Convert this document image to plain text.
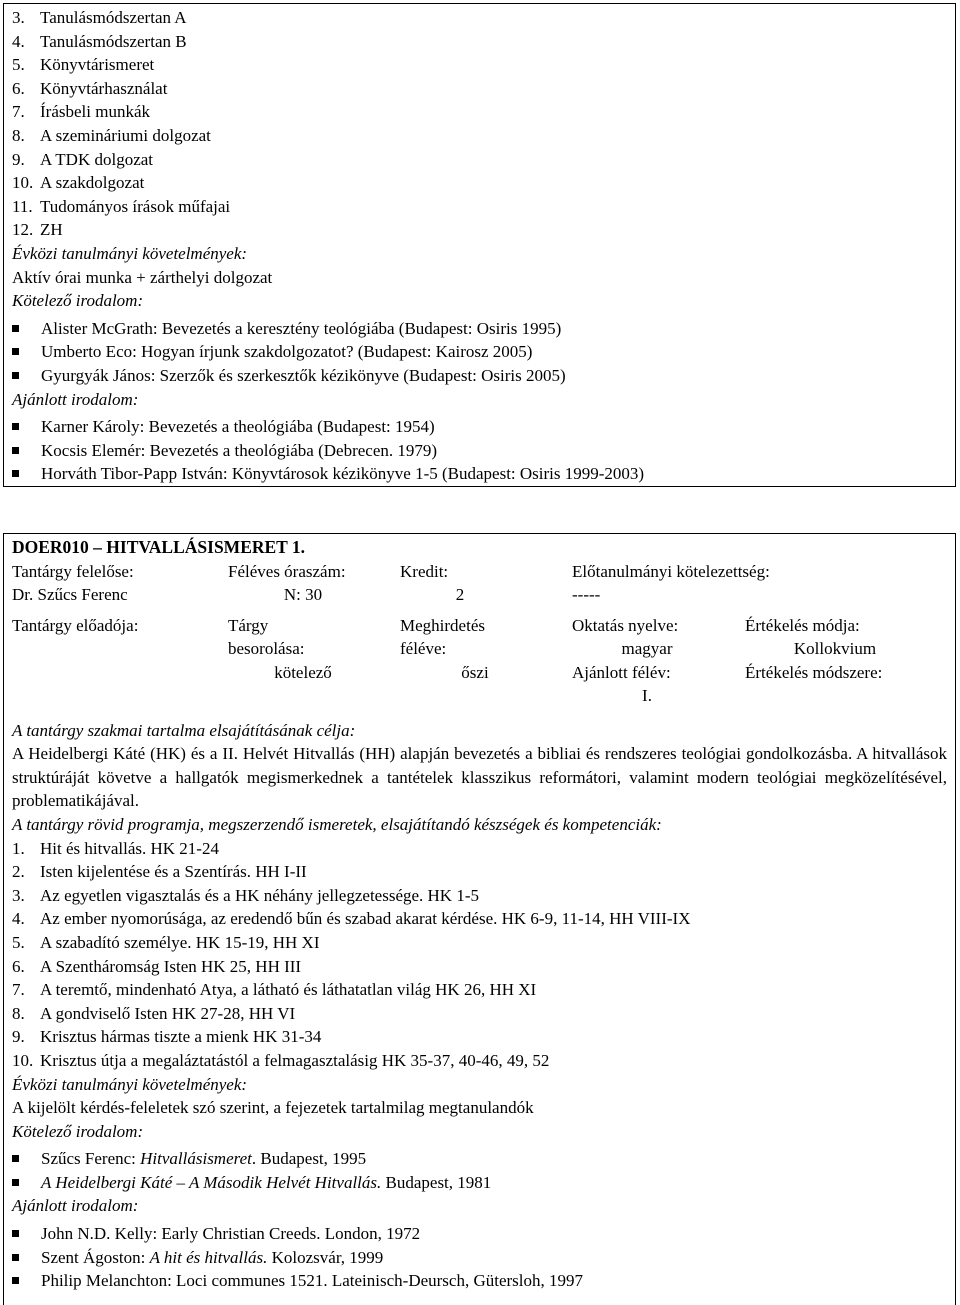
3. Tanulásmódszertan A
4. Tanulásmódszertan B
5. Könyvtárismeret
6. Könyvtárhasználat
7. Írásbeli munkák
8. A szemináriumi dolgozat
9. A TDK dolgozat
10. A szakdolgozat
11. Tudományos írások műfajai
12. ZH
Évközi tanulmányi követelmények:
Aktív órai munka + zárthelyi dolgozat
Kötelező irodalom:
Alister McGrath: Bevezetés a keresztény teológiába (Budapest: Osiris 1995)
Umberto Eco: Hogyan írjunk szakdolgozatot? (Budapest: Kairosz 2005)
Gyurgyák János: Szerzők és szerkesztők kézikönyve (Budapest: Osiris 2005)
Ajánlott irodalom:
Karner Károly: Bevezetés a theológiába (Budapest: 1954)
Kocsis Elemér: Bevezetés a theológiába (Debrecen. 1979)
Horváth Tibor-Papp István: Könyvtárosok kézikönyve 1-5 (Budapest: Osiris 1999-2003)
DOER010 – HITVALLÁSISMERET 1.
Tantárgy felelőse:
Dr. Szűcs Ferenc
Féléves óraszám:
N: 30
Kredit:
2
Előtanulmányi kötelezettség:
-----
Tantárgy előadója:	Tárgy
besorolása:
kötelező
Meghirdetés
féléve:
őszi
Oktatás nyelve:
magyar
Ajánlott félév:
I.
Értékelés módja:
Kollokvium
Értékelés módszere:
A tantárgy szakmai tartalma elsajátításának célja:
A Heidelbergi Káté (HK) és a II. Helvét Hitvallás (HH) alapján bevezetés a bibliai és rendszeres teológiai gondolkozásba. A hitvallások struktúráját követve a hallgatók megismerkednek a tantételek klasszikus reformátori, valamint modern teológiai megközelítésével, problematikájával.
A tantárgy rövid programja, megszerzendő ismeretek, elsajátítandó készségek és kompetenciák:
1. Hit és hitvallás. HK 21-24
2. Isten kijelentése és a Szentírás. HH I-II
3. Az egyetlen vigasztalás és a HK néhány jellegzetessége. HK 1-5
4. Az ember nyomorúsága, az eredendő bűn és szabad akarat kérdése. HK 6-9, 11-14, HH VIII-IX
5. A szabadító személye. HK 15-19, HH XI
6. A Szentháromság Isten HK 25, HH III
7. A teremtő, mindenható Atya, a látható és láthatatlan világ HK 26, HH XI
8. A gondviselő Isten HK 27-28, HH VI
9. Krisztus hármas tiszte a mienk HK 31-34
10. Krisztus útja a megaláztatástól a felmagasztalásig HK 35-37, 40-46, 49, 52
Évközi tanulmányi követelmények:
A kijelölt kérdés-feleletek szó szerint, a fejezetek tartalmilag megtanulandók
Kötelező irodalom:
Szűcs Ferenc: Hitvallásismeret. Budapest, 1995
A Heidelbergi Káté – A Második Helvét Hitvallás. Budapest, 1981
Ajánlott irodalom:
John N.D. Kelly: Early Christian Creeds. London, 1972
Szent Ágoston: A hit és hitvallás. Kolozsvár, 1999
Philip Melanchton: Loci communes 1521. Lateinisch-Deursch, Gütersloh, 1997
